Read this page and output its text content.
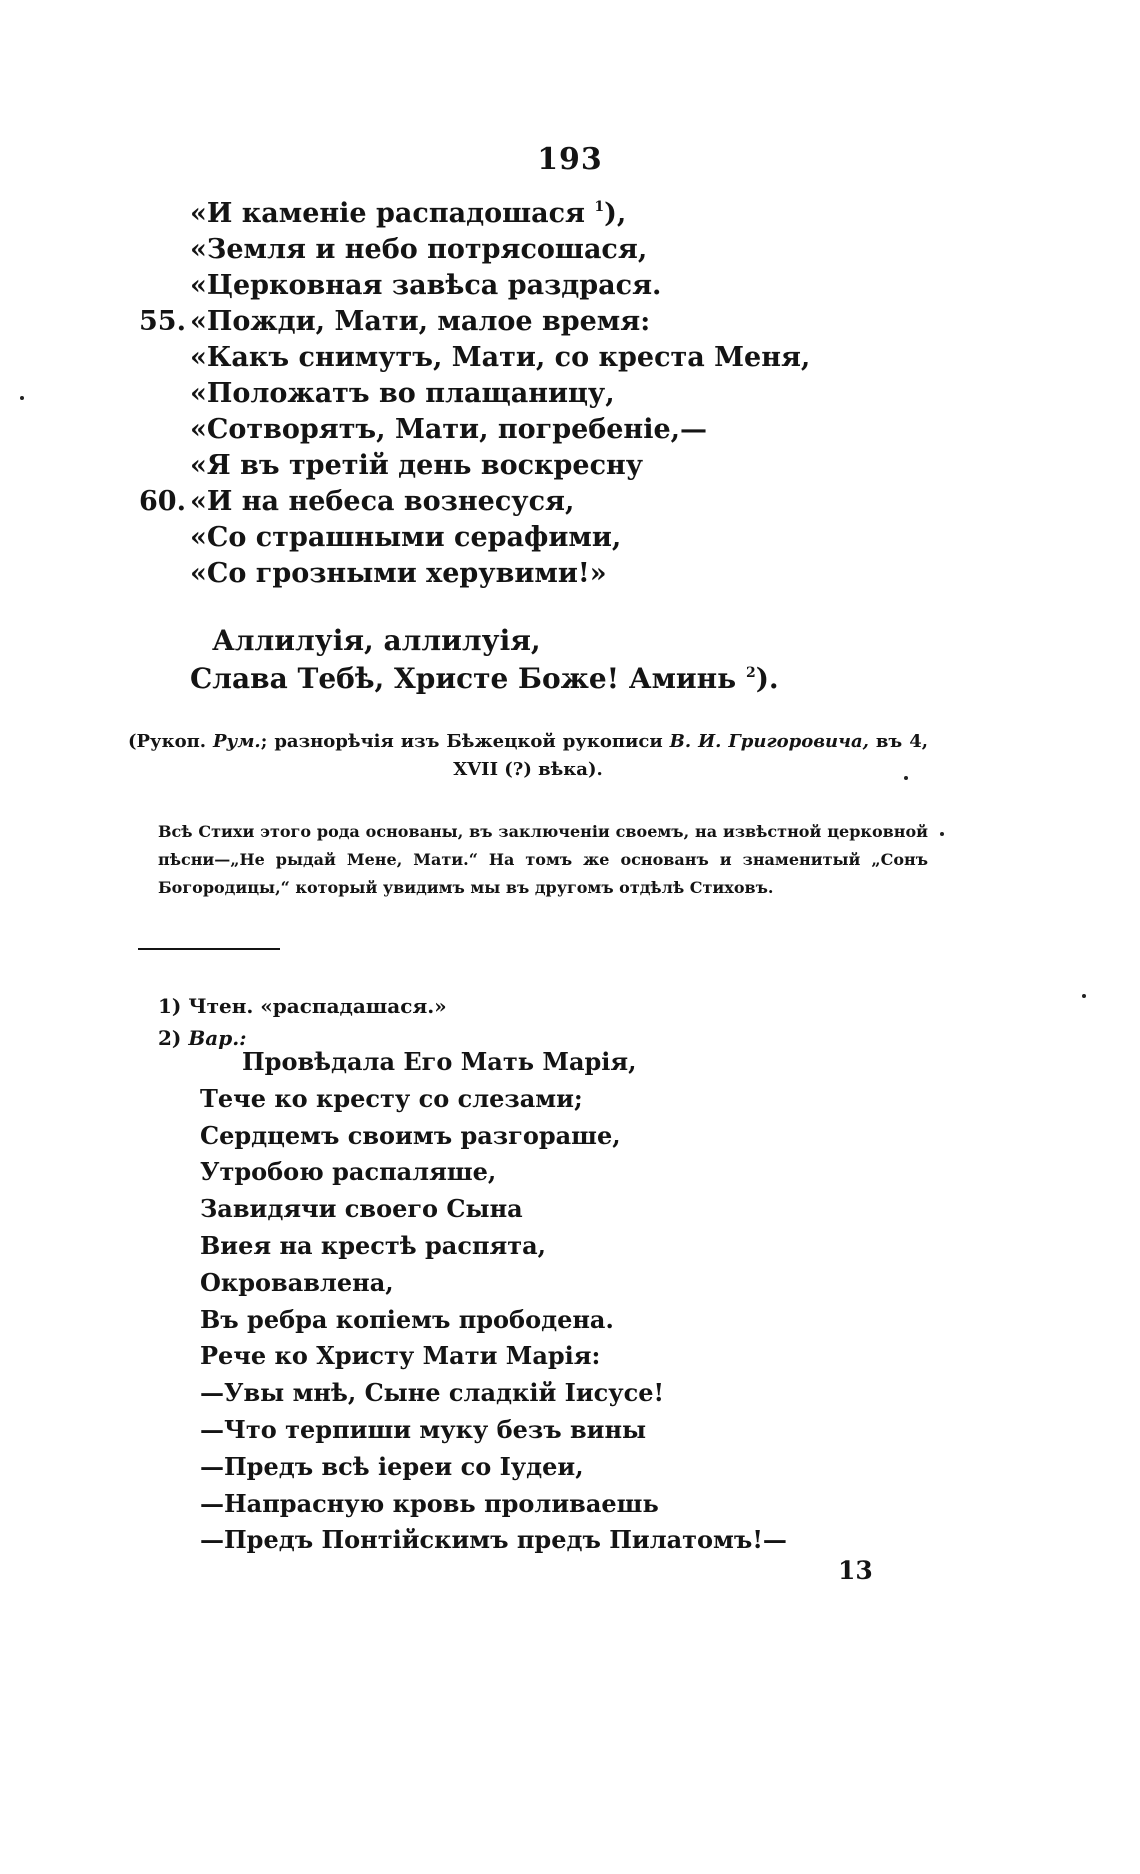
193
«И каменіе распадошася $^1$),
«Земля и небо потрясошася,
«Церковная завѣса раздрася.
55. «Пожди, Мати, малое время:
«Какъ снимутъ, Мати, со креста Меня,
«Положатъ во плащаницу,
«Сотворятъ, Мати, погребеніе,—
«Я въ третій день воскресну
60. «И на небеса вознесуся,
«Со страшными серафими,
«Со грозными херувими!»
Аллилуія, аллилуія,
Слава Тебѣ, Христе Боже! Аминь $^2$).
(Рукоп. Рум.; разнорѣчія изъ Бѣжецкой рукописи В. И. Григоровича, въ 4,
XVII (?) вѣка).
Всѣ Стихи этого рода основаны, въ заключеніи своемъ, на извѣстной церковной пѣсни—„Не рыдай Мене, Мати.“ На томъ же основанъ и знаменитый „Сонъ Богородицы,“ который увидимъ мы въ другомъ отдѣлѣ Стиховъ.
1) Чтен. «распадашася.»
2) Вар.:
Провѣдала Его Мать Марія,
Тече ко кресту со слезами;
Сердцемъ своимъ разгораше,
Утробою распаляше,
Завидячи своего Сына
Виея на крестѣ распята,
Окровавлена,
Въ ребра копіемъ прободена.
Рече ко Христу Мати Марія:
—Увы мнѣ, Сыне сладкій Іисусе!
—Что терпиши муку безъ вины
—Предъ всѣ іереи со Іудеи,
—Напрасную кровь проливаешь
—Предъ Понтійскимъ предъ Пилатомъ!—
13
